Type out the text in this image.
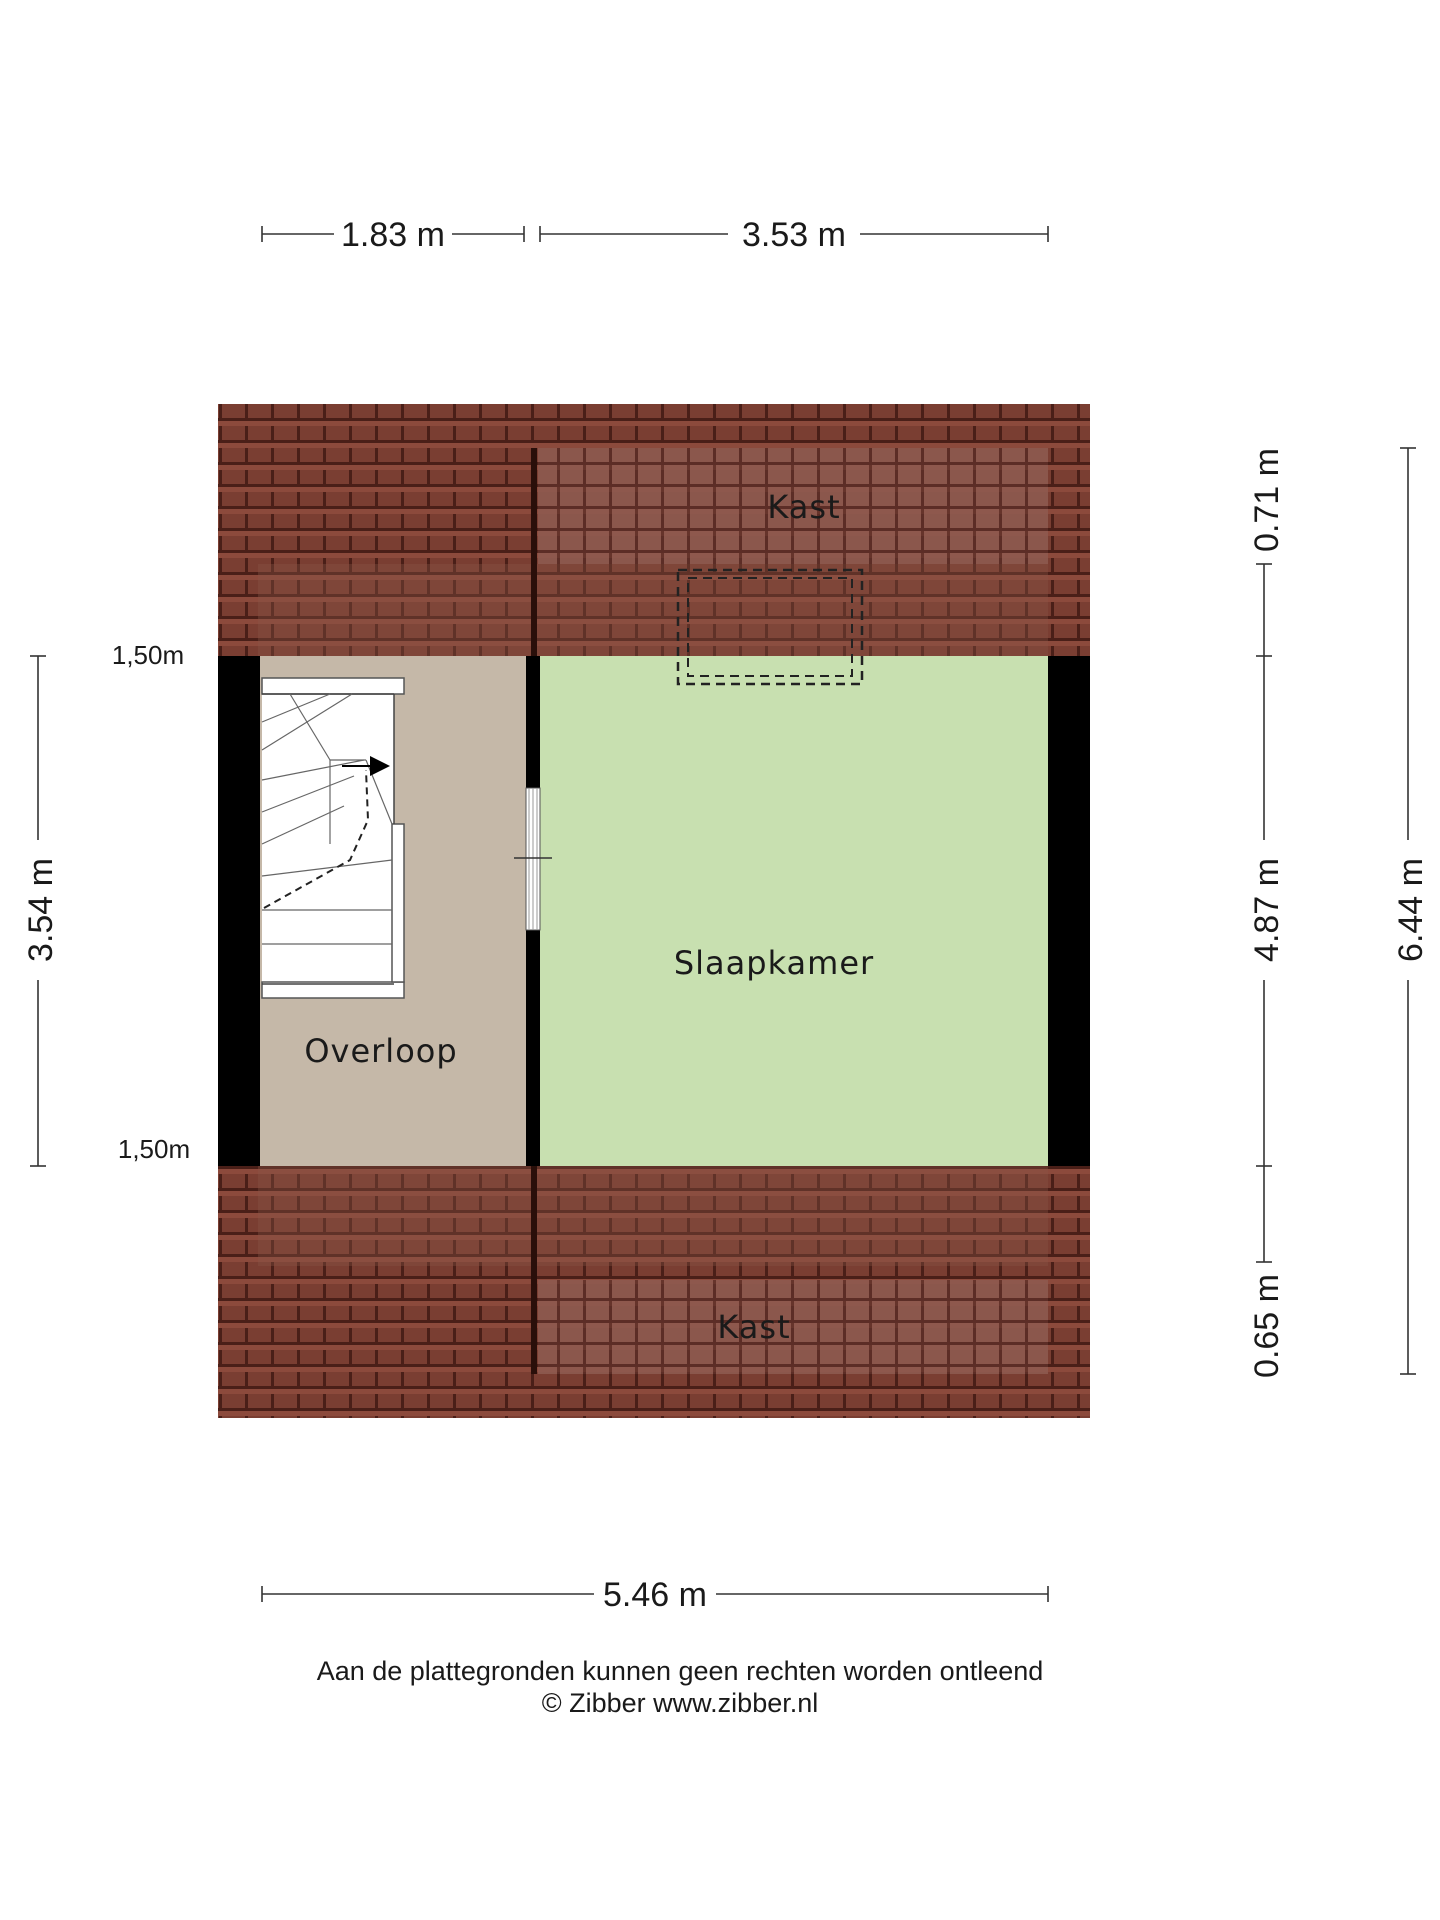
1.83 m	3.53 m
5.46 m
3.54 m
0.71 m
4.87 m
0.65 m
6.44 m
1,50m
1,50m
Kast
Slaapkamer
Overloop
Kast
Aan de plattegronden kunnen geen rechten worden ontleend
© Zibber www.zibber.nl
